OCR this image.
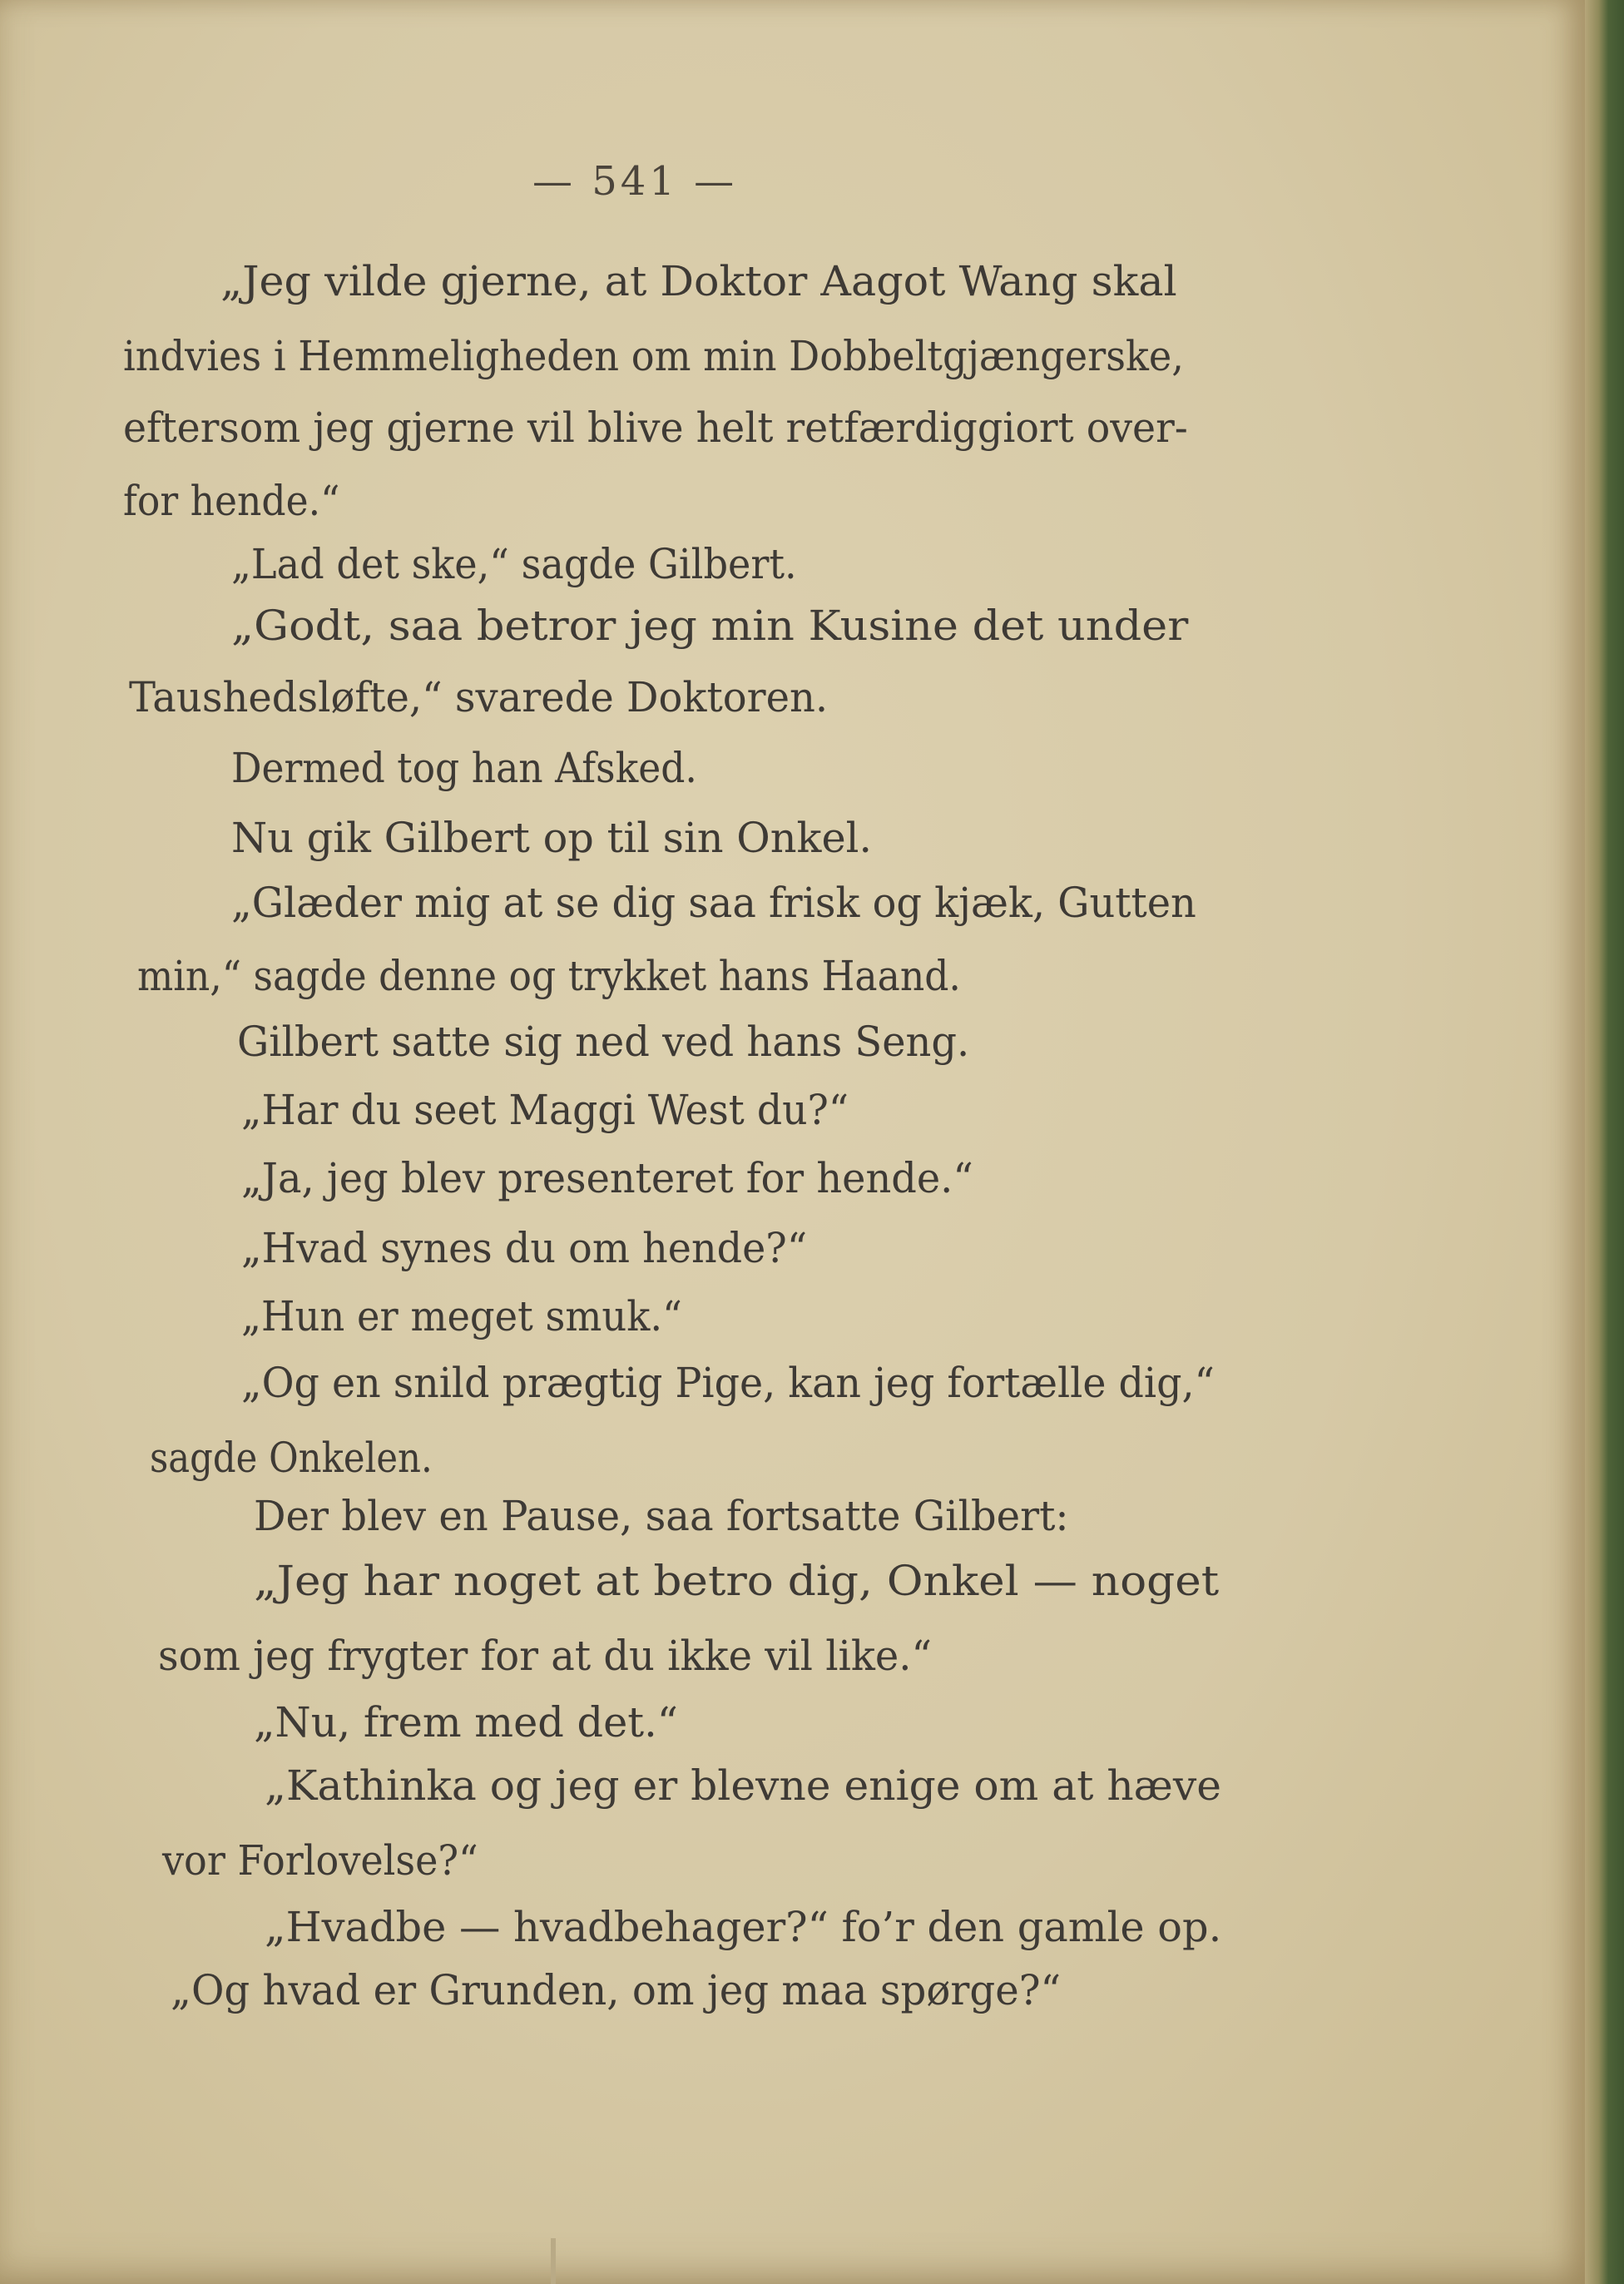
— 541 —
„Jeg vilde gjerne, at Doktor Aagot Wang skal
indvies i Hemmeligheden om min Dobbeltgjængerske,
eftersom jeg gjerne vil blive helt retfærdiggiort over-
for hende.“
„Lad det ske,“ sagde Gilbert.
„Godt, saa betror jeg min Kusine det under
Taushedsløfte,“ svarede Doktoren.
Dermed tog han Afsked.
Nu gik Gilbert op til sin Onkel.
„Glæder mig at se dig saa frisk og kjæk, Gutten
min,“ sagde denne og trykket hans Haand.
Gilbert satte sig ned ved hans Seng.
„Har du seet Maggi West du?“
„Ja, jeg blev presenteret for hende.“
„Hvad synes du om hende?“
„Hun er meget smuk.“
„Og en snild prægtig Pige, kan jeg fortælle dig,“
sagde Onkelen.
Der blev en Pause, saa fortsatte Gilbert:
„Jeg har noget at betro dig, Onkel — noget
som jeg frygter for at du ikke vil like.“
„Nu, frem med det.“
„Kathinka og jeg er blevne enige om at hæve
vor Forlovelse?“
„Hvadbe — hvadbehager?“ fo’r den gamle op.
„Og hvad er Grunden, om jeg maa spørge?“
